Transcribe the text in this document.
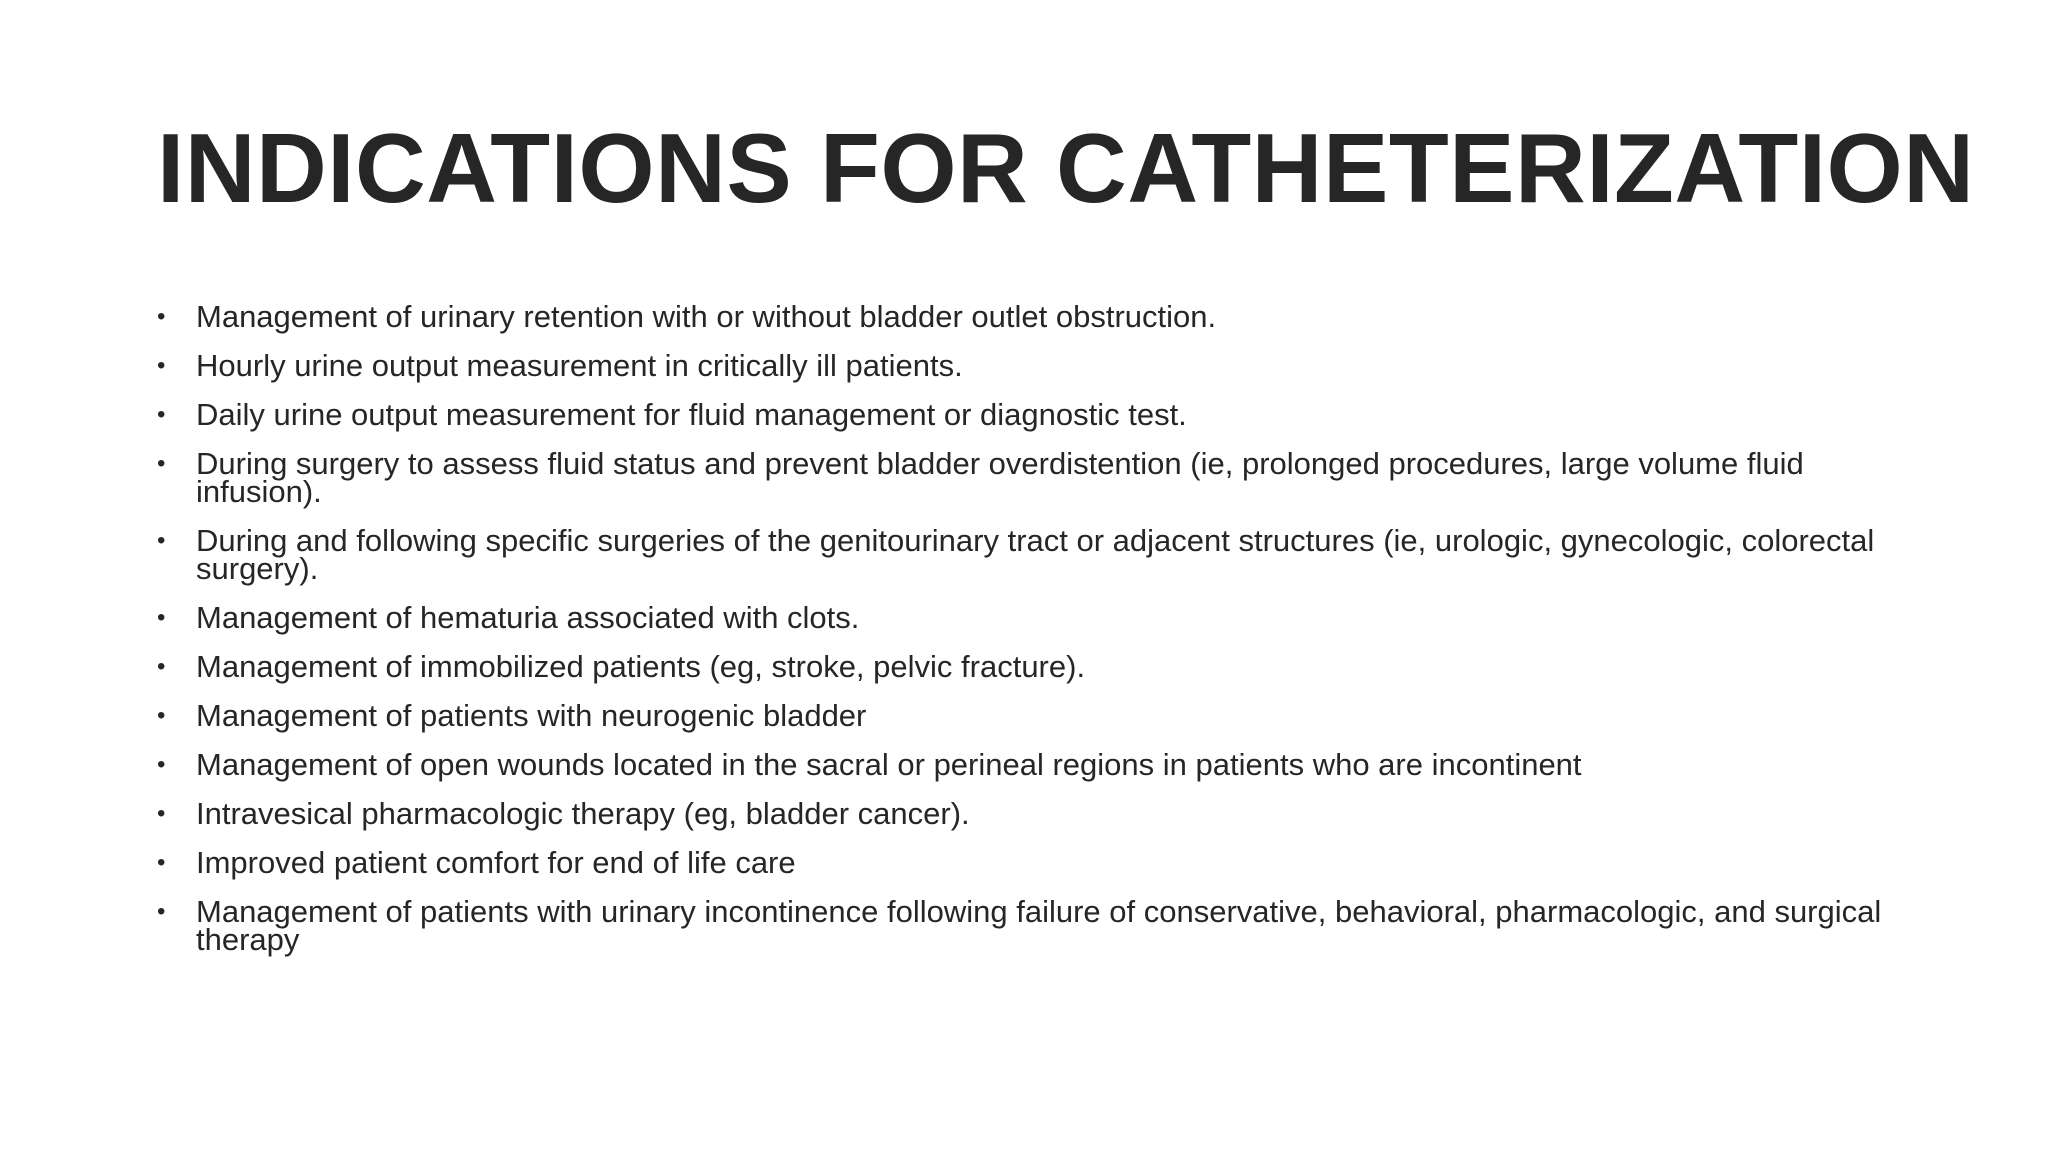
INDICATIONS FOR CATHETERIZATION
• Management of urinary retention with or without bladder outlet obstruction.
• Hourly urine output measurement in critically ill patients.
• Daily urine output measurement for fluid management or diagnostic test.
• During surgery to assess fluid status and prevent bladder overdistention (ie, prolonged procedures, large volume fluid infusion).
• During and following specific surgeries of the genitourinary tract or adjacent structures (ie, urologic, gynecologic, colorectal surgery).
• Management of hematuria associated with clots.
• Management of immobilized patients (eg, stroke, pelvic fracture).
• Management of patients with neurogenic bladder
• Management of open wounds located in the sacral or perineal regions in patients who are incontinent
• Intravesical pharmacologic therapy (eg, bladder cancer).
• Improved patient comfort for end of life care
• Management of patients with urinary incontinence following failure of conservative, behavioral, pharmacologic, and surgical therapy
